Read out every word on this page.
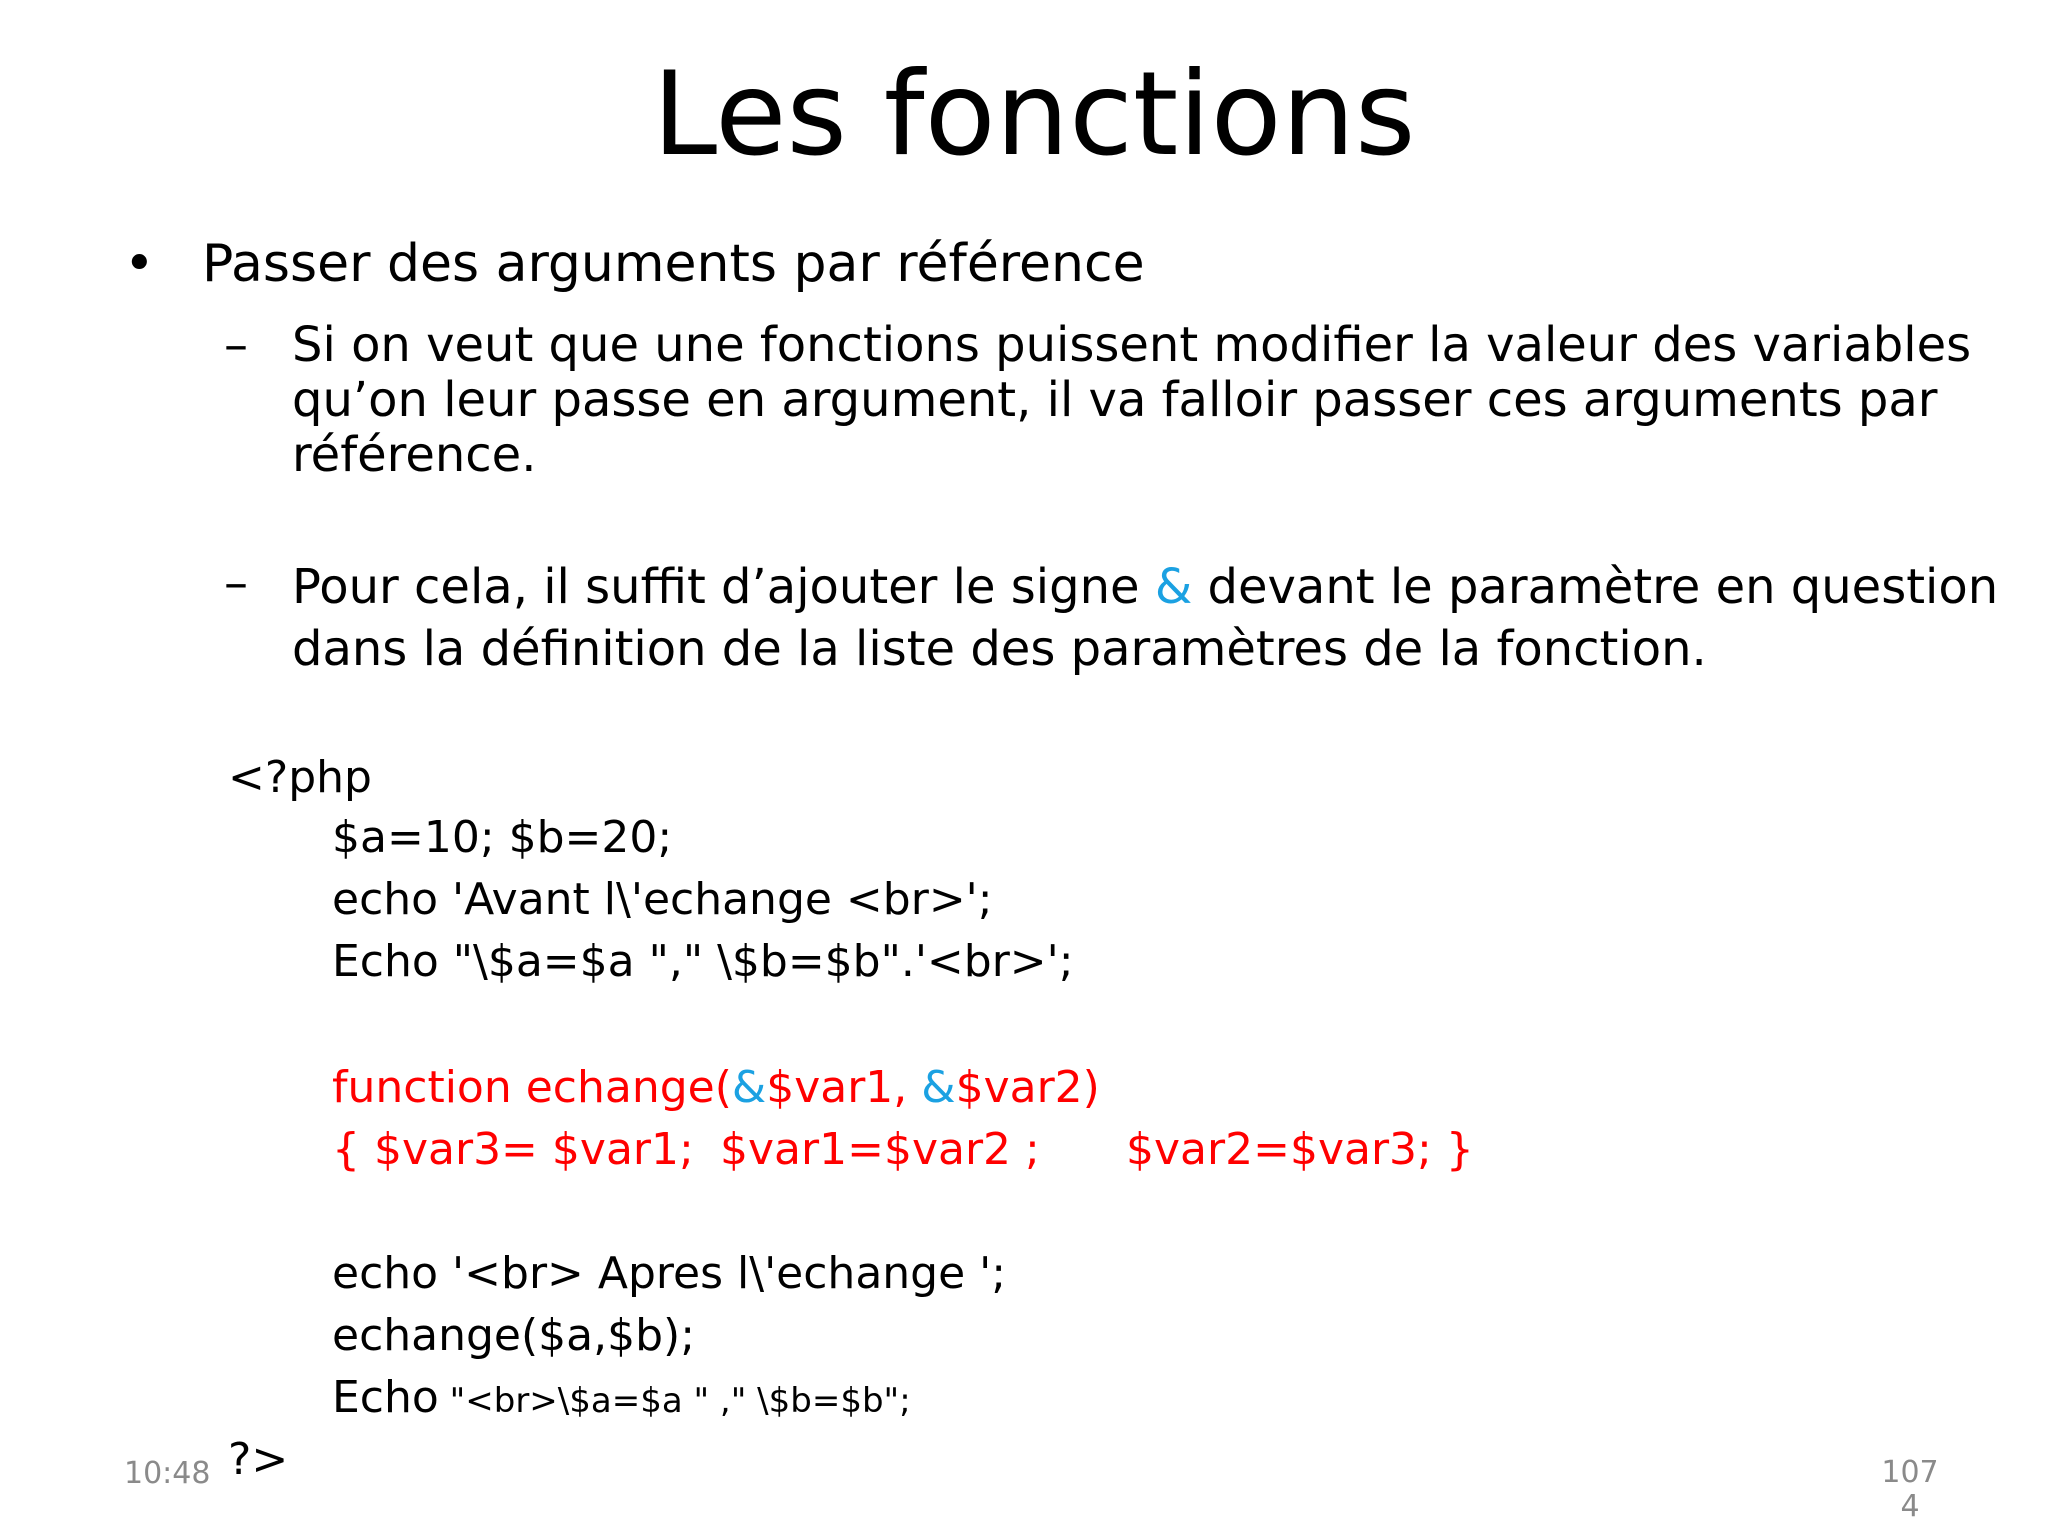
Les fonctions
• Passer des arguments par référence
– Si on veut que une fonctions puissent modifier la valeur des variables
qu’on leur passe en argument, il va falloir passer ces arguments par
référence.
– Pour cela, il suffit d’ajouter le signe & devant le paramètre en question
dans la définition de la liste des paramètres de la fonction.
<?php
$a=10; $b=20;
echo 'Avant l\'echange <br>';
Echo "\$a=$a "," \$b=$b".'<br>';
function echange(&$var1, &$var2)
{ $var3= $var1; $var1=$var2 ; $var2=$var3; }
echo '<br> Apres l\'echange ';
echange($a,$b);
Echo "<br>\$a=$a " ," \$b=$b";
?>
10:48	107
4
